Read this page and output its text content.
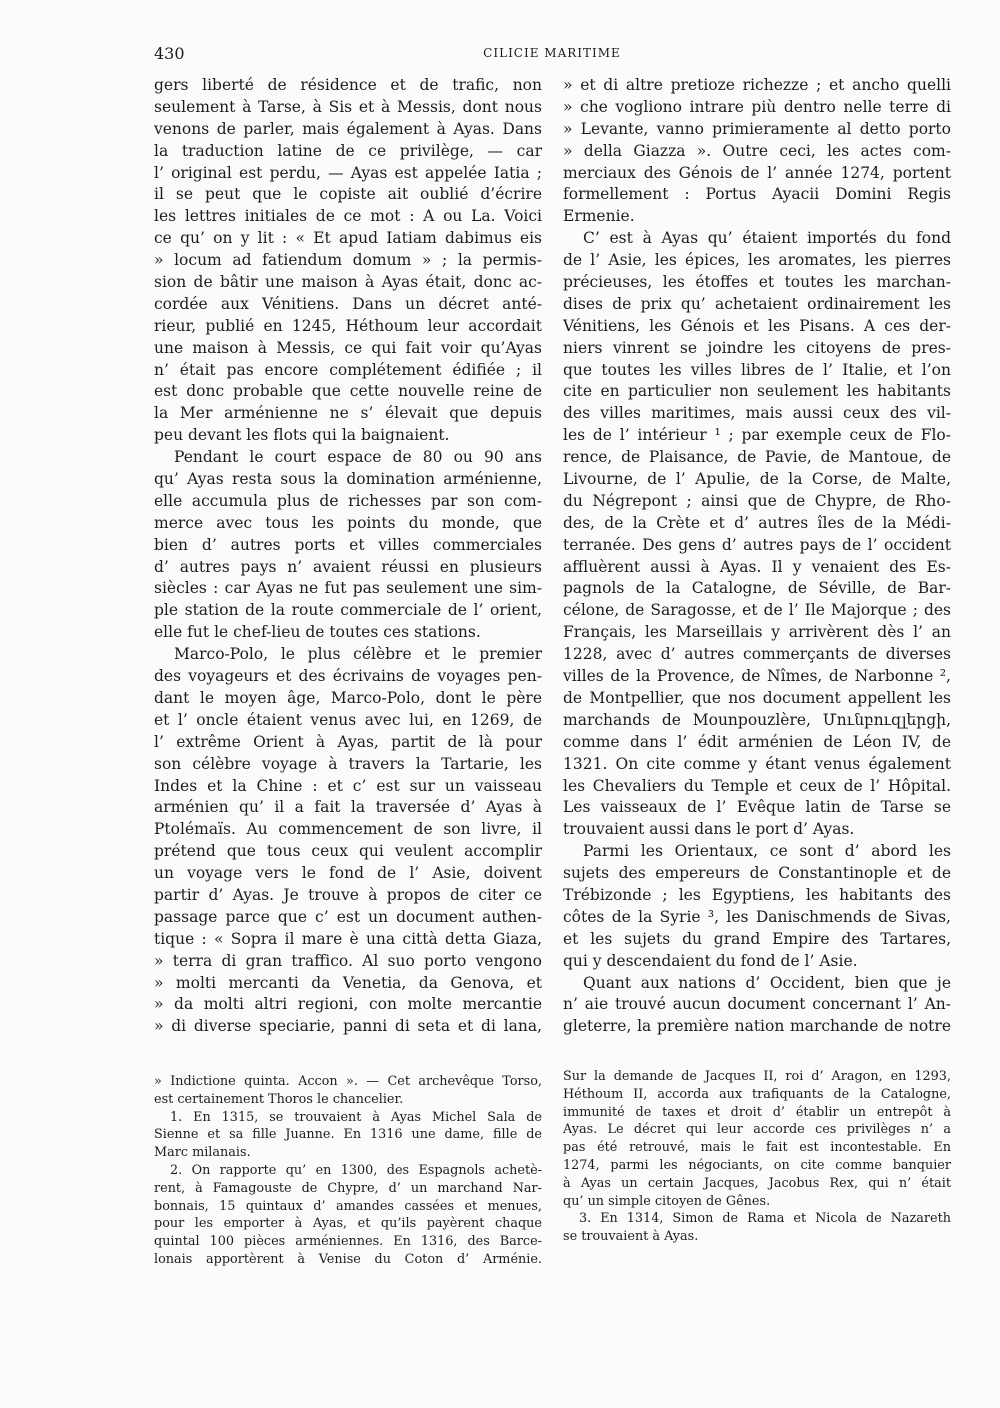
430	CILICIE MARITIME
gers liberté de résidence et de trafic, non
seulement à Tarse, à Sis et à Messis, dont nous
venons de parler, mais également à Ayas. Dans
la traduction latine de ce privilège, — car
l’ original est perdu, — Ayas est appelée Iatia ;
il se peut que le copiste ait oublié d’écrire
les lettres initiales de ce mot : A ou La. Voici
ce qu’ on y lit : « Et apud Iatiam dabimus eis
» locum ad fatiendum domum » ; la permis-
sion de bâtir une maison à Ayas était, donc ac-
cordée aux Vénitiens. Dans un décret anté-
rieur, publié en 1245, Héthoum leur accordait
une maison à Messis, ce qui fait voir qu’Ayas
n’ était pas encore complétement édifiée ; il
est donc probable que cette nouvelle reine de
la Mer arménienne ne s’ élevait que depuis
peu devant les flots qui la baignaient.
Pendant le court espace de 80 ou 90 ans
qu’ Ayas resta sous la domination arménienne,
elle accumula plus de richesses par son com-
merce avec tous les points du monde, que
bien d’ autres ports et villes commerciales
d’ autres pays n’ avaient réussi en plusieurs
siècles : car Ayas ne fut pas seulement une sim-
ple station de la route commerciale de l’ orient,
elle fut le chef-lieu de toutes ces stations.
Marco-Polo, le plus célèbre et le premier
des voyageurs et des écrivains de voyages pen-
dant le moyen âge, Marco-Polo, dont le père
et l’ oncle étaient venus avec lui, en 1269, de
l’ extrême Orient à Ayas, partit de là pour
son célèbre voyage à travers la Tartarie, les
Indes et la Chine : et c’ est sur un vaisseau
arménien qu’ il a fait la traversée d’ Ayas à
Ptolémaïs. Au commencement de son livre, il
prétend que tous ceux qui veulent accomplir
un voyage vers le fond de l’ Asie, doivent
partir d’ Ayas. Je trouve à propos de citer ce
passage parce que c’ est un document authen-
tique : « Sopra il mare è una città detta Giaza,
» terra di gran traffico. Al suo porto vengono
» molti mercanti da Venetia, da Genova, et
» da molti altri regioni, con molte mercantie
» di diverse speciarie, panni di seta et di lana,
» et di altre pretioze richezze ; et ancho quelli
» che vogliono intrare più dentro nelle terre di
» Levante, vanno primieramente al detto porto
» della Giazza ». Outre ceci, les actes com-
merciaux des Génois de l’ année 1274, portent
formellement : Portus Ayacii Domini Regis
Ermenie.
C’ est à Ayas qu’ étaient importés du fond
de l’ Asie, les épices, les aromates, les pierres
précieuses, les étoffes et toutes les marchan-
dises de prix qu’ achetaient ordinairement les
Vénitiens, les Génois et les Pisans. A ces der-
niers vinrent se joindre les citoyens de pres-
que toutes les villes libres de l’ Italie, et l’on
cite en particulier non seulement les habitants
des villes maritimes, mais aussi ceux des vil-
les de l’ intérieur ¹ ; par exemple ceux de Flo-
rence, de Plaisance, de Pavie, de Mantoue, de
Livourne, de l’ Apulie, de la Corse, de Malte,
du Négrepont ; ainsi que de Chypre, de Rho-
des, de la Crète et d’ autres îles de la Médi-
terranée. Des gens d’ autres pays de l’ occident
affluèrent aussi à Ayas. Il y venaient des Es-
pagnols de la Catalogne, de Séville, de Bar-
célone, de Saragosse, et de l’ Ile Majorque ; des
Français, les Marseillais y arrivèrent dès l’ an
1228, avec d’ autres commerçants de diverses
villes de la Provence, de Nîmes, de Narbonne ²,
de Montpellier, que nos document appellent les
marchands de Mounpouzlère, Մունբուզլերցի,
comme dans l’ édit arménien de Léon IV, de
1321. On cite comme y étant venus également
les Chevaliers du Temple et ceux de l’ Hôpital.
Les vaisseaux de l’ Evêque latin de Tarse se
trouvaient aussi dans le port d’ Ayas.
Parmi les Orientaux, ce sont d’ abord les
sujets des empereurs de Constantinople et de
Trébizonde ; les Egyptiens, les habitants des
côtes de la Syrie ³, les Danischmends de Sivas,
et les sujets du grand Empire des Tartares,
qui y descendaient du fond de l’ Asie.
Quant aux nations d’ Occident, bien que je
n’ aie trouvé aucun document concernant l’ An-
gleterre, la première nation marchande de notre
» Indictione quinta. Accon ». — Cet archevêque Torso,
est certainement Thoros le chancelier.
1. En 1315, se trouvaient à Ayas Michel Sala de
Sienne et sa fille Juanne. En 1316 une dame, fille de
Marc milanais.
2. On rapporte qu’ en 1300, des Espagnols achetè-
rent, à Famagouste de Chypre, d’ un marchand Nar-
bonnais, 15 quintaux d’ amandes cassées et menues,
pour les emporter à Ayas, et qu’ils payèrent chaque
quintal 100 pièces arméniennes. En 1316, des Barce-
lonais apportèrent à Venise du Coton d’ Arménie.
Sur la demande de Jacques II, roi d’ Aragon, en 1293,
Héthoum II, accorda aux trafiquants de la Catalogne,
immunité de taxes et droit d’ établir un entrepôt à
Ayas. Le décret qui leur accorde ces privilèges n’ a
pas été retrouvé, mais le fait est incontestable. En
1274, parmi les négociants, on cite comme banquier
à Ayas un certain Jacques, Jacobus Rex, qui n’ était
qu’ un simple citoyen de Gênes.
3. En 1314, Simon de Rama et Nicola de Nazareth
se trouvaient à Ayas.
